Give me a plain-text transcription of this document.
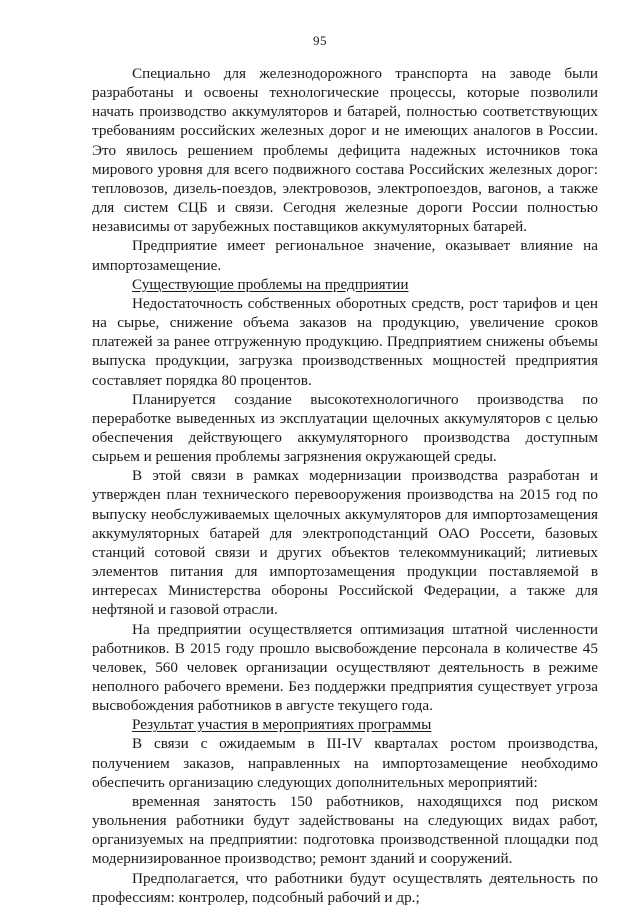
95

Специально для железнодорожного транспорта на заводе были разработаны и освоены технологические процессы, которые позволили начать производство аккумуляторов и батарей, полностью соответствующих требованиям российских железных дорог и не имеющих аналогов в России. Это явилось решением проблемы дефицита надежных источников тока мирового уровня для всего подвижного состава Российских железных дорог: тепловозов, дизель-поездов, электровозов, электропоездов, вагонов, а также для систем СЦБ и связи. Сегодня железные дороги России полностью независимы от зарубежных поставщиков аккумуляторных батарей.

Предприятие имеет региональное значение, оказывает влияние на импортозамещение.

Существующие проблемы на предприятии

Недостаточность собственных оборотных средств, рост тарифов и цен на сырье, снижение объема заказов на продукцию, увеличение сроков платежей за ранее отгруженную продукцию. Предприятием снижены объемы выпуска продукции, загрузка производственных мощностей предприятия составляет порядка 80 процентов.

Планируется создание высокотехнологичного производства по переработке выведенных из эксплуатации щелочных аккумуляторов с целью обеспечения действующего аккумуляторного производства доступным сырьем и решения проблемы загрязнения окружающей среды.

В этой связи в рамках модернизации производства разработан и утвержден план технического перевооружения производства на 2015 год по выпуску необслуживаемых щелочных аккумуляторов для импортозамещения аккумуляторных батарей для электроподстанций ОАО Россети, базовых станций сотовой связи и других объектов телекоммуникаций; литиевых элементов питания для импортозамещения продукции поставляемой в интересах Министерства обороны Российской Федерации, а также для нефтяной и газовой отрасли.

На предприятии осуществляется оптимизация штатной численности работников. В 2015 году прошло высвобождение персонала в количестве 45 человек, 560 человек организации осуществляют деятельность в режиме неполного рабочего времени. Без поддержки предприятия существует угроза высвобождения работников в августе текущего года.

Результат участия в мероприятиях программы

В связи с ожидаемым в III-IV кварталах ростом производства, получением заказов, направленных на импортозамещение необходимо обеспечить организацию следующих дополнительных мероприятий:

временная занятость 150 работников, находящихся под риском увольнения работники будут задействованы на следующих видах работ, организуемых на предприятии: подготовка производственной площадки под модернизированное производство; ремонт зданий и сооружений.

Предполагается, что работники будут осуществлять деятельность по профессиям: контролер, подсобный рабочий и др.;
